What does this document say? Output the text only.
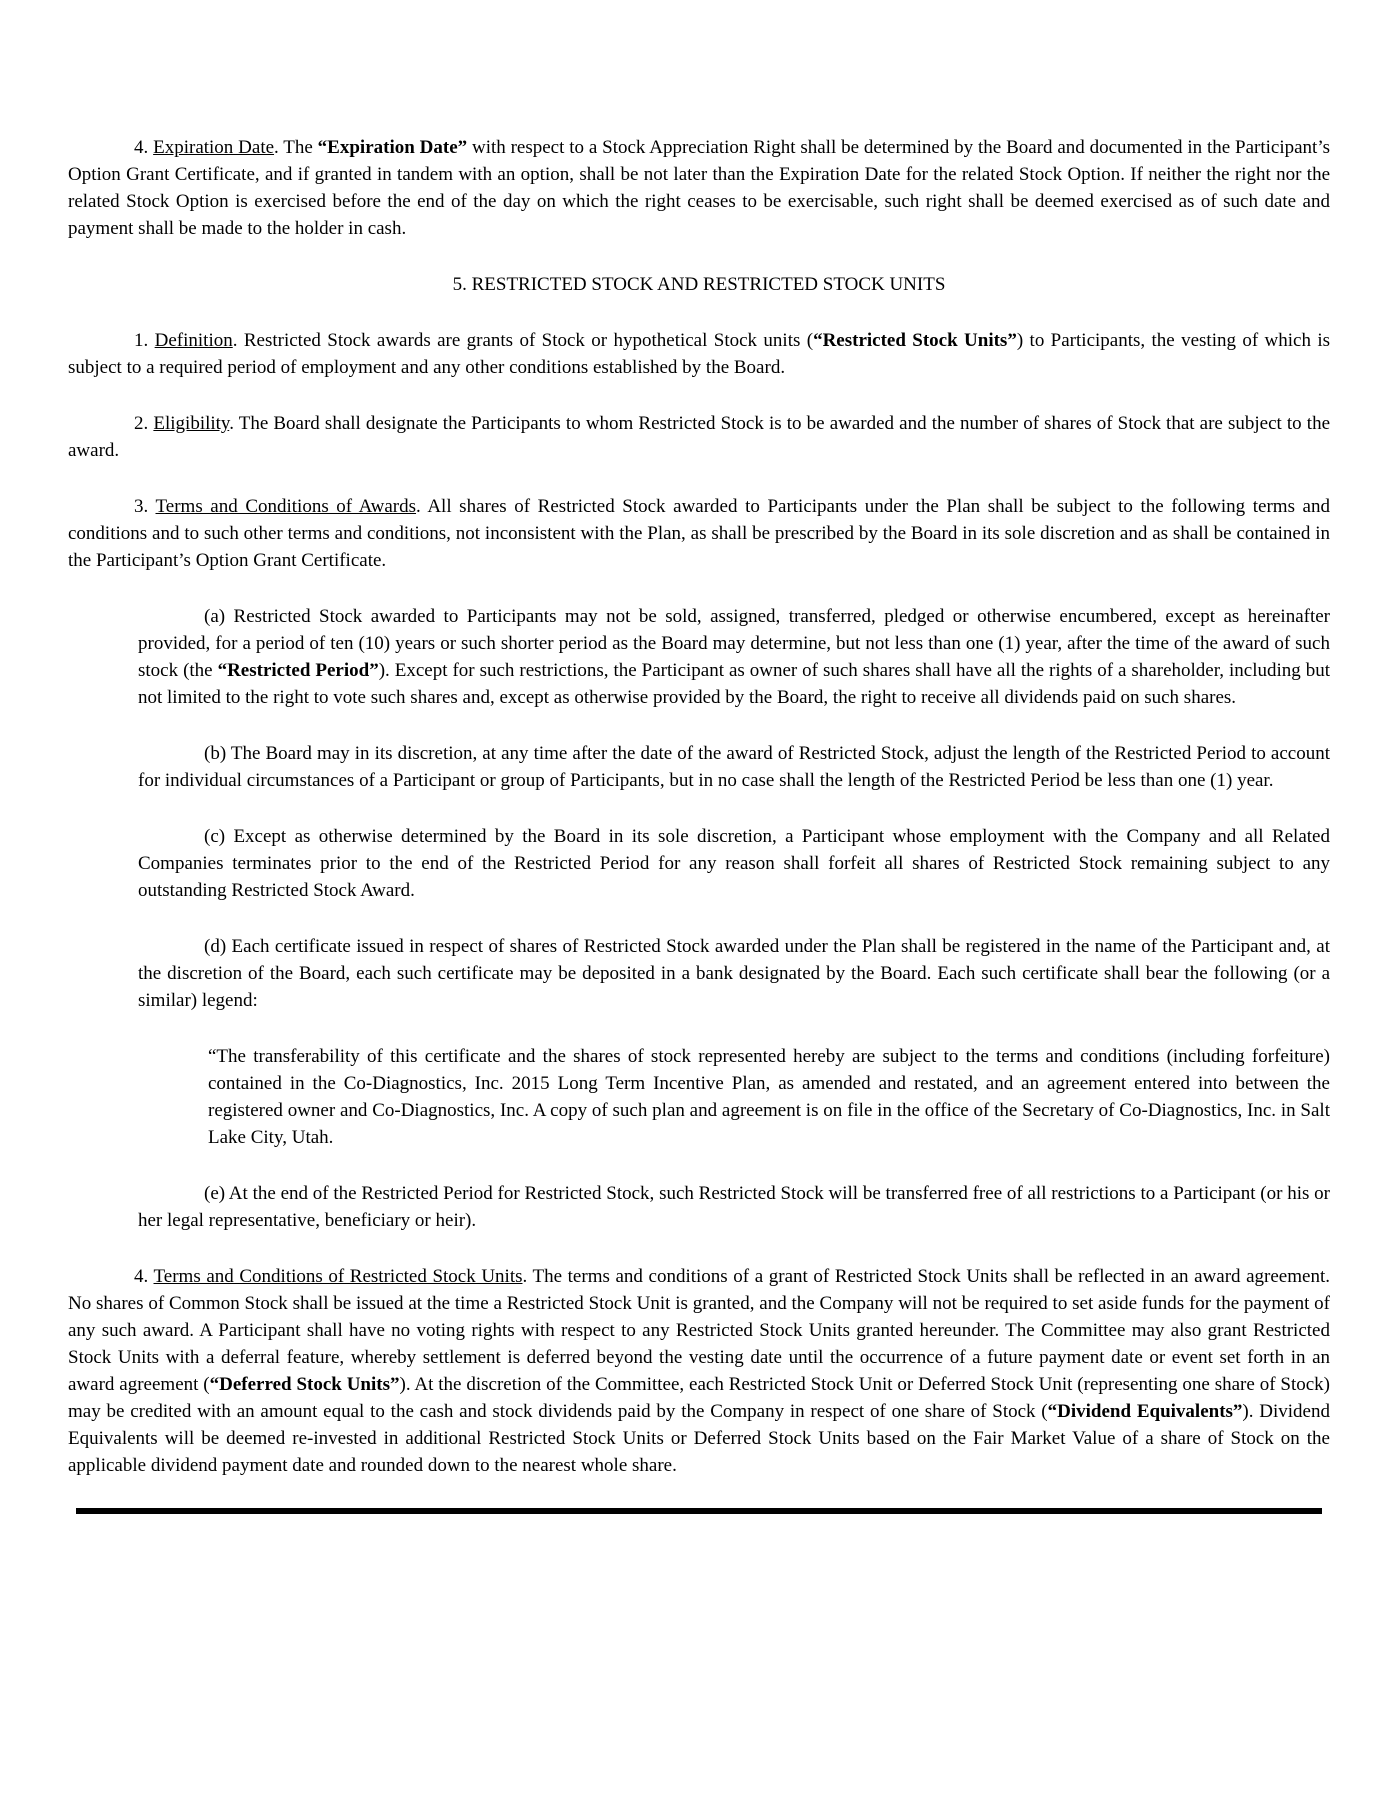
4. Expiration Date. The “Expiration Date” with respect to a Stock Appreciation Right shall be determined by the Board and documented in the Participant’s Option Grant Certificate, and if granted in tandem with an option, shall be not later than the Expiration Date for the related Stock Option. If neither the right nor the related Stock Option is exercised before the end of the day on which the right ceases to be exercisable, such right shall be deemed exercised as of such date and payment shall be made to the holder in cash.

5. RESTRICTED STOCK AND RESTRICTED STOCK UNITS

1. Definition. Restricted Stock awards are grants of Stock or hypothetical Stock units (“Restricted Stock Units”) to Participants, the vesting of which is subject to a required period of employment and any other conditions established by the Board.

2. Eligibility. The Board shall designate the Participants to whom Restricted Stock is to be awarded and the number of shares of Stock that are subject to the award.

3. Terms and Conditions of Awards. All shares of Restricted Stock awarded to Participants under the Plan shall be subject to the following terms and conditions and to such other terms and conditions, not inconsistent with the Plan, as shall be prescribed by the Board in its sole discretion and as shall be contained in the Participant’s Option Grant Certificate.

(a) Restricted Stock awarded to Participants may not be sold, assigned, transferred, pledged or otherwise encumbered, except as hereinafter provided, for a period of ten (10) years or such shorter period as the Board may determine, but not less than one (1) year, after the time of the award of such stock (the “Restricted Period”). Except for such restrictions, the Participant as owner of such shares shall have all the rights of a shareholder, including but not limited to the right to vote such shares and, except as otherwise provided by the Board, the right to receive all dividends paid on such shares.

(b) The Board may in its discretion, at any time after the date of the award of Restricted Stock, adjust the length of the Restricted Period to account for individual circumstances of a Participant or group of Participants, but in no case shall the length of the Restricted Period be less than one (1) year.

(c) Except as otherwise determined by the Board in its sole discretion, a Participant whose employment with the Company and all Related Companies terminates prior to the end of the Restricted Period for any reason shall forfeit all shares of Restricted Stock remaining subject to any outstanding Restricted Stock Award.

(d) Each certificate issued in respect of shares of Restricted Stock awarded under the Plan shall be registered in the name of the Participant and, at the discretion of the Board, each such certificate may be deposited in a bank designated by the Board. Each such certificate shall bear the following (or a similar) legend:

“The transferability of this certificate and the shares of stock represented hereby are subject to the terms and conditions (including forfeiture) contained in the Co-Diagnostics, Inc. 2015 Long Term Incentive Plan, as amended and restated, and an agreement entered into between the registered owner and Co-Diagnostics, Inc. A copy of such plan and agreement is on file in the office of the Secretary of Co-Diagnostics, Inc. in Salt Lake City, Utah.

(e) At the end of the Restricted Period for Restricted Stock, such Restricted Stock will be transferred free of all restrictions to a Participant (or his or her legal representative, beneficiary or heir).

4. Terms and Conditions of Restricted Stock Units. The terms and conditions of a grant of Restricted Stock Units shall be reflected in an award agreement. No shares of Common Stock shall be issued at the time a Restricted Stock Unit is granted, and the Company will not be required to set aside funds for the payment of any such award. A Participant shall have no voting rights with respect to any Restricted Stock Units granted hereunder. The Committee may also grant Restricted Stock Units with a deferral feature, whereby settlement is deferred beyond the vesting date until the occurrence of a future payment date or event set forth in an award agreement (“Deferred Stock Units”). At the discretion of the Committee, each Restricted Stock Unit or Deferred Stock Unit (representing one share of Stock) may be credited with an amount equal to the cash and stock dividends paid by the Company in respect of one share of Stock (“Dividend Equivalents”). Dividend Equivalents will be deemed re-invested in additional Restricted Stock Units or Deferred Stock Units based on the Fair Market Value of a share of Stock on the applicable dividend payment date and rounded down to the nearest whole share.
